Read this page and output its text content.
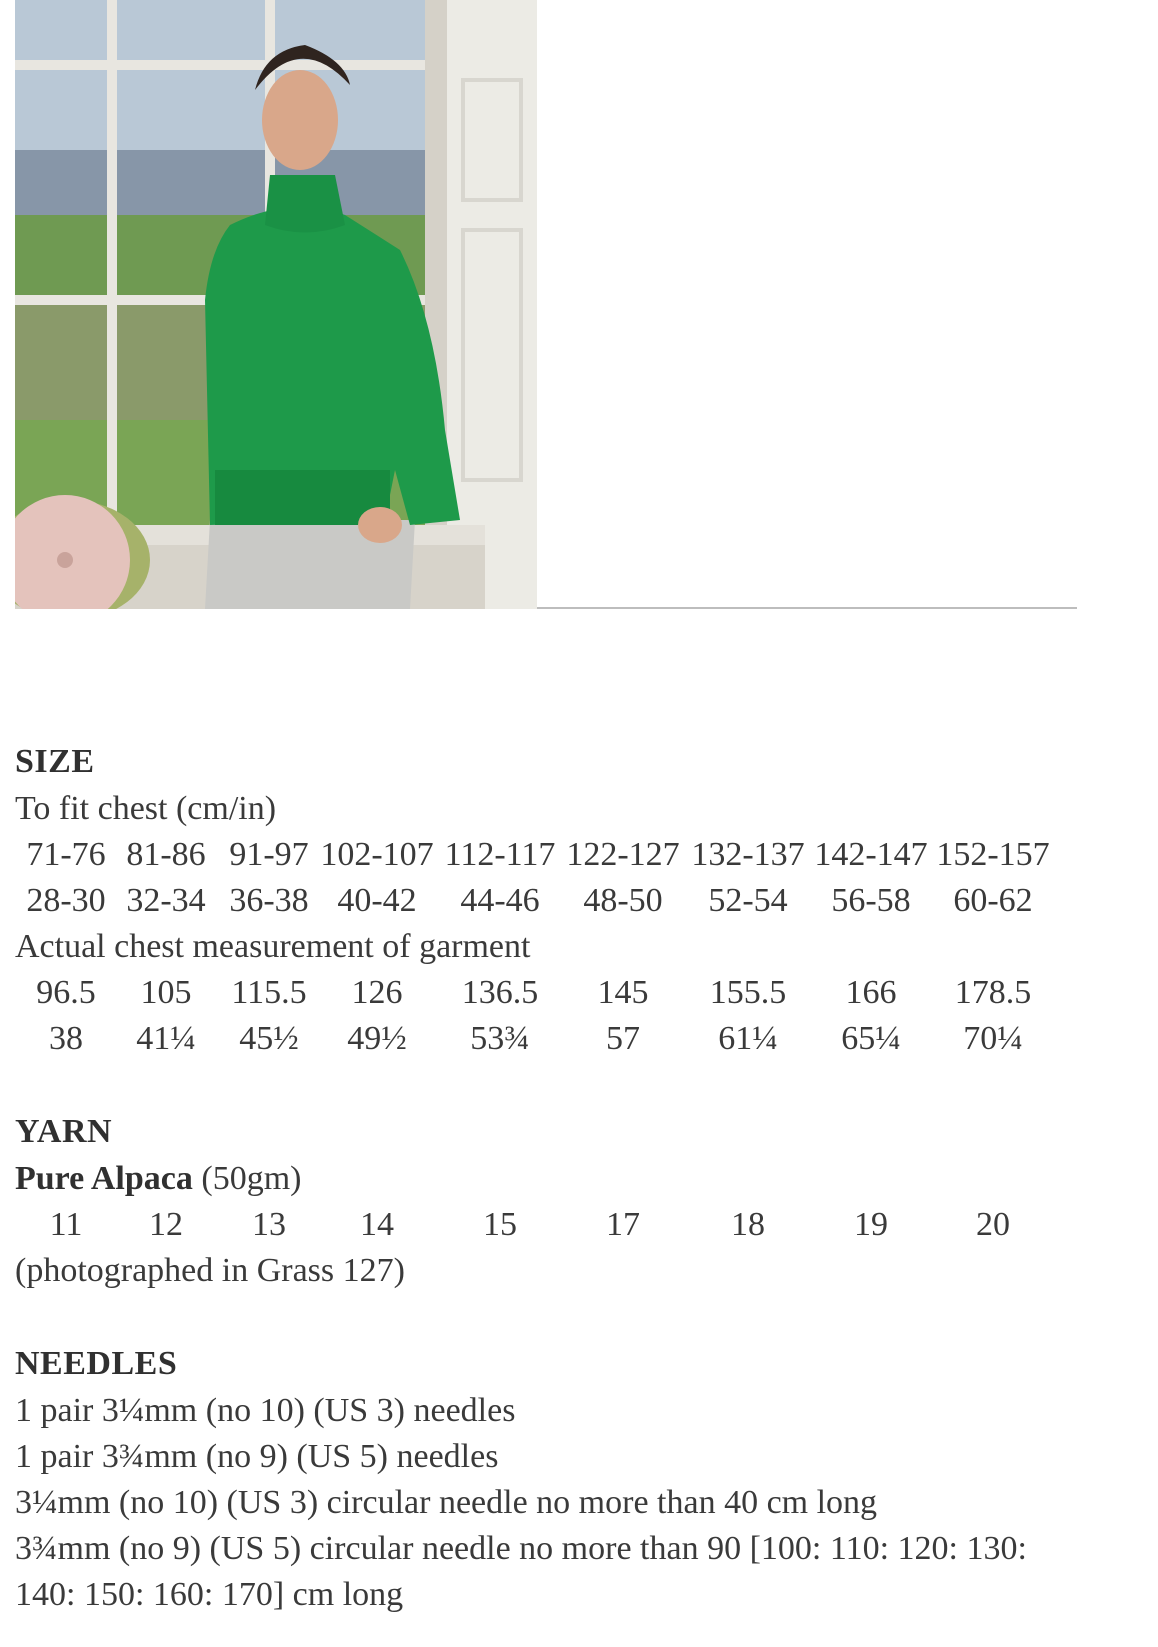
SIZE
To fit chest (cm/in)
71-76 81-86 91-97 102-107 112-117 122-127 132-137 142-147 152-157
28-30 32-34 36-38 40-42 44-46 48-50 52-54 56-58 60-62
Actual chest measurement of garment
96.5 105 115.5 126 136.5 145 155.5 166 178.5
38 41¼ 45½ 49½ 53¾ 57 61¼ 65¼ 70¼
YARN
Pure Alpaca (50gm)
11 12 13 14	15	17	18	19	20
(photographed in Grass 127)
NEEDLES
1 pair 3¼mm (no 10) (US 3) needles
1 pair 3¾mm (no 9) (US 5) needles
3¼mm (no 10) (US 3) circular needle no more than 40 cm long
3¾mm (no 9) (US 5) circular needle no more than 90 [100: 110: 120: 130:
140: 150: 160: 170] cm long
